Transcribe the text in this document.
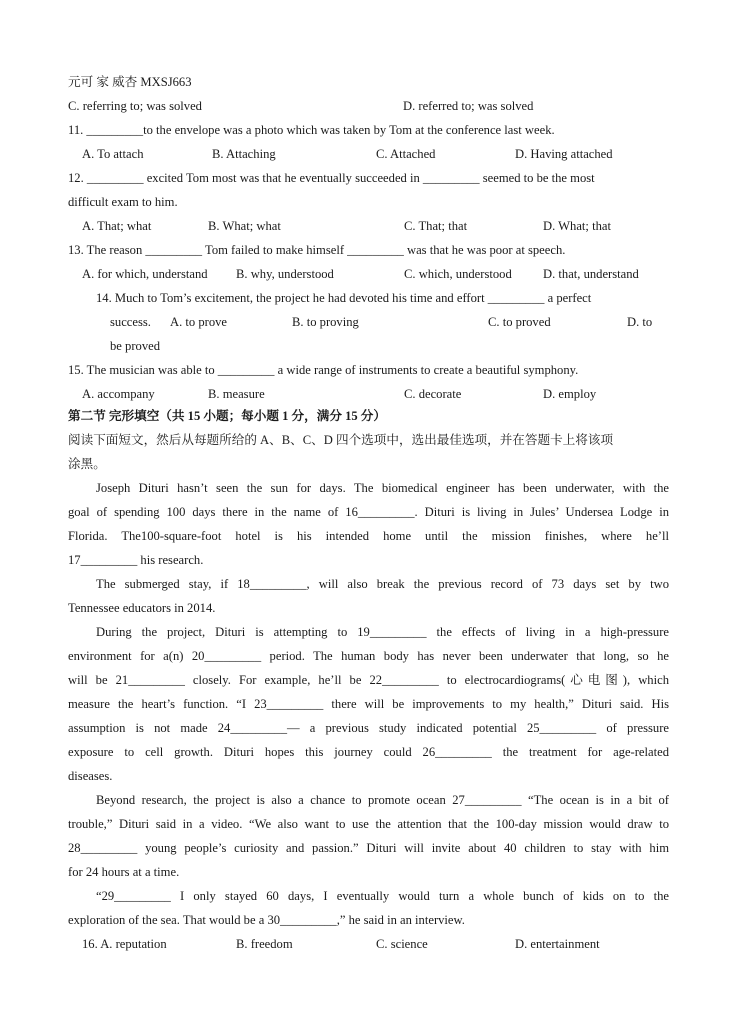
元可 家 威杏 MXSJ663
C. referring to; was solved	D. referred to; was solved
11. _________to the envelope was a photo which was taken by Tom at the conference last week.
A. To attach	B. Attaching	C. Attached	D. Having attached
12. _________ excited Tom most was that he eventually succeeded in _________ seemed to be the most
difficult exam to him.
A. That; what	B. What; what	C. That; that	D. What; that
13. The reason _________ Tom failed to make himself _________ was that he was poor at speech.
A. for which, understand B. why, understood	C. which, understood D. that, understand
14. Much to Tom’s excitement, the project he had devoted his time and effort _________ a perfect
success. A. to prove	B. to proving	C. to proved	D. to
be proved
15. The musician was able to _________ a wide range of instruments to create a beautiful symphony.
A. accompany	B. measure	C. decorate	D. employ
第二节 完形填空（共 15 小题；每小题 1 分，满分 15 分）
阅读下面短文，然后从每题所给的 A、B、C、D 四个选项中，选出最佳选项，并在答题卡上将该项
涂黑。
Joseph Dituri hasn’t seen the sun for days. The biomedical engineer has been underwater, with the
goal of spending 100 days there in the name of 16_________. Dituri is living in Jules’ Undersea Lodge in
Florida. The100-square-foot hotel is his intended home until the mission finishes, where he’ll
17_________ his research.
The submerged stay, if 18_________, will also break the previous record of 73 days set by two
Tennessee educators in 2014.
During the project, Dituri is attempting to 19_________ the effects of living in a high-pressure
environment for a(n) 20_________ period. The human body has never been underwater that long, so he
will be 21_________ closely. For example, he’ll be 22_________ to electrocardiograms(心电图), which
measure the heart’s function. “I 23_________ there will be improvements to my health,” Dituri said. His
assumption is not made 24_________— a previous study indicated potential 25_________ of pressure
exposure to cell growth. Dituri hopes this journey could 26_________ the treatment for age-related
diseases.
Beyond research, the project is also a chance to promote ocean 27_________ “The ocean is in a bit of
trouble,” Dituri said in a video. “We also want to use the attention that the 100-day mission would draw to
28_________ young people’s curiosity and passion.” Dituri will invite about 40 children to stay with him
for 24 hours at a time.
“29_________ I only stayed 60 days, I eventually would turn a whole bunch of kids on to the
exploration of the sea. That would be a 30_________,” he said in an interview.
16. A. reputation	B. freedom	C. science	D. entertainment
